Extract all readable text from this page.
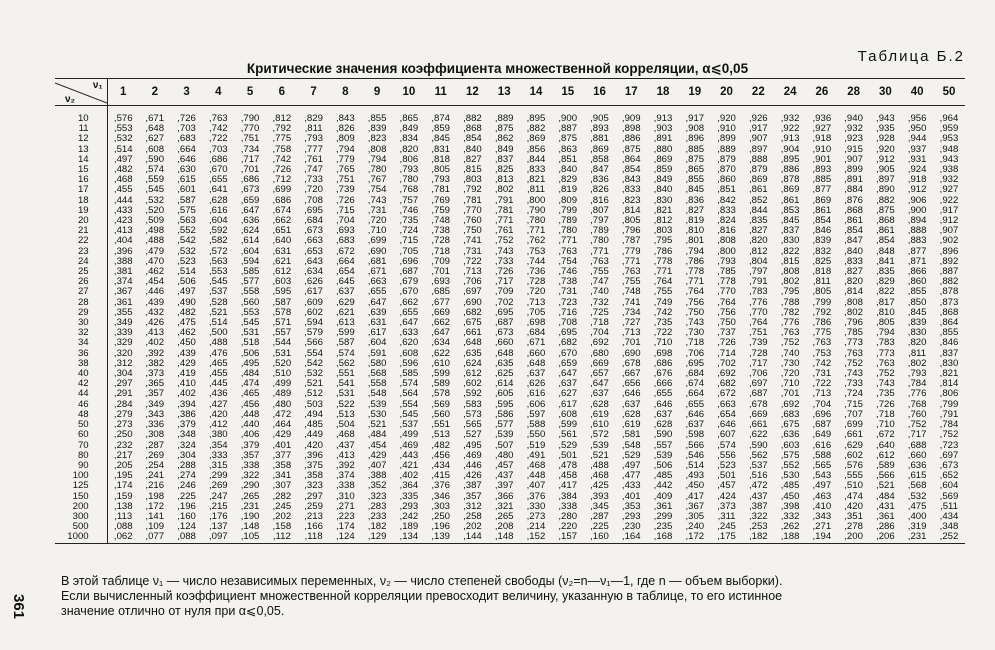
Таблица Б.2
Критические значения коэффициента множественной корреляции, α⩽0,05
ν₁
ν₂	1	2	3	4	5	6	7	8	9	10	11	12	13	14	15	16	17	18	19	20	22	24	26	28	30	40	50
10	,576	,671	,726	,763	,790	,812	,829	,843	,855	,865	,874	,882	,889	,895	,900	,905	,909	,913	,917	,920	,926	,932	,936	,940	,943	,956	,964
11	,553	,648	,703	,742	,770	,792	,811	,826	,839	,849	,859	,868	,875	,882	,887	,893	,898	,903	,908	,910	,917	,922	,927	,932	,935	,950	,959
12	,532	,627	,683	,722	,751	,775	,793	,809	,823	,834	,845	,854	,862	,869	,875	,881	,886	,891	,896	,899	,907	,913	,918	,923	,928	,944	,953
13	,514	,608	,664	,703	,734	,758	,777	,794	,808	,820	,831	,840	,849	,856	,863	,869	,875	,880	,885	,889	,897	,904	,910	,915	,920	,937	,948
14	,497	,590	,646	,686	,717	,742	,761	,779	,794	,806	,818	,827	,837	,844	,851	,858	,864	,869	,875	,879	,888	,895	,901	,907	,912	,931	,943
15	,482	,574	,630	,670	,701	,726	,747	,765	,780	,793	,805	,815	,825	,833	,840	,847	,854	,859	,865	,870	,879	,886	,893	,899	,905	,924	,938
16	,468	,559	,615	,655	,686	,712	,733	,751	,767	,780	,793	,803	,813	,821	,829	,836	,843	,849	,855	,860	,869	,878	,885	,891	,897	,918	,932
17	,455	,545	,601	,641	,673	,699	,720	,739	,754	,768	,781	,792	,802	,811	,819	,826	,833	,840	,845	,851	,861	,869	,877	,884	,890	,912	,927
18	,444	,532	,587	,628	,659	,686	,708	,726	,743	,757	,769	,781	,791	,800	,809	,816	,823	,830	,836	,842	,852	,861	,869	,876	,882	,906	,922
19	,433	,520	,575	,616	,647	,674	,695	,715	,731	,746	,759	,770	,781	,790	,799	,807	,814	,821	,827	,833	,844	,853	,861	,868	,875	,900	,917
20	,423	,509	,563	,604	,636	,662	,684	,704	,720	,735	,748	,760	,771	,780	,789	,797	,805	,812	,819	,824	,835	,845	,854	,861	,868	,894	,912
21	,413	,498	,552	,592	,624	,651	,673	,693	,710	,724	,738	,750	,761	,771	,780	,789	,796	,803	,810	,816	,827	,837	,846	,854	,861	,888	,907
22	,404	,488	,542	,582	,614	,640	,663	,683	,699	,715	,728	,741	,752	,762	,771	,780	,787	,795	,801	,808	,820	,830	,839	,847	,854	,883	,902
23	,396	,479	,532	,572	,604	,631	,653	,672	,690	,705	,718	,731	,743	,753	,763	,771	,779	,786	,794	,800	,812	,822	,832	,840	,848	,877	,896
24	,388	,470	,523	,563	,594	,621	,643	,664	,681	,696	,709	,722	,733	,744	,754	,763	,771	,778	,786	,793	,804	,815	,825	,833	,841	,871	,892
25	,381	,462	,514	,553	,585	,612	,634	,654	,671	,687	,701	,713	,726	,736	,746	,755	,763	,771	,778	,785	,797	,808	,818	,827	,835	,866	,887
26	,374	,454	,506	,545	,577	,603	,626	,645	,663	,679	,693	,706	,717	,728	,738	,747	,755	,764	,771	,778	,791	,802	,811	,820	,829	,860	,882
27	,367	,446	,497	,537	,558	,595	,617	,637	,655	,670	,685	,697	,709	,720	,731	,740	,748	,755	,764	,770	,783	,795	,805	,814	,822	,855	,878
28	,361	,439	,490	,528	,560	,587	,609	,629	,647	,662	,677	,690	,702	,713	,723	,732	,741	,749	,756	,764	,776	,788	,799	,808	,817	,850	,873
29	,355	,432	,482	,521	,553	,578	,602	,621	,639	,655	,669	,682	,695	,705	,716	,725	,734	,742	,750	,756	,770	,782	,792	,802	,810	,845	,868
30	,349	,426	,475	,514	,545	,571	,594	,613	,631	,647	,662	,675	,687	,698	,708	,718	,727	,735	,743	,750	,764	,776	,786	,796	,805	,839	,864
32	,339	,413	,462	,500	,531	,557	,579	,599	,617	,633	,647	,661	,673	,684	,695	,704	,713	,722	,730	,737	,751	,763	,775	,785	,794	,830	,855
34	,329	,402	,450	,488	,518	,544	,566	,587	,604	,620	,634	,648	,660	,671	,682	,692	,701	,710	,718	,726	,739	,752	,763	,773	,783	,820	,846
36	,320	,392	,439	,476	,506	,531	,554	,574	,591	,608	,622	,635	,648	,660	,670	,680	,690	,698	,706	,714	,728	,740	,753	,763	,773	,811	,837
38	,312	,382	,429	,465	,495	,520	,542	,562	,580	,596	,610	,624	,635	,648	,659	,669	,678	,686	,695	,702	,717	,730	,742	,752	,763	,802	,830
40	,304	,373	,419	,455	,484	,510	,532	,551	,568	,585	,599	,612	,625	,637	,647	,657	,667	,676	,684	,692	,706	,720	,731	,743	,752	,793	,821
42	,297	,365	,410	,445	,474	,499	,521	,541	,558	,574	,589	,602	,614	,626	,637	,647	,656	,666	,674	,682	,697	,710	,722	,733	,743	,784	,814
44	,291	,357	,402	,436	,465	,489	,512	,531	,548	,564	,578	,592	,605	,616	,627	,637	,646	,655	,664	,672	,687	,701	,713	,724	,735	,776	,806
46	,284	,349	,394	,427	,456	,480	,503	,522	,539	,554	,569	,583	,595	,606	,617	,628	,637	,646	,655	,663	,678	,692	,704	,715	,726	,768	,799
48	,279	,343	,386	,420	,448	,472	,494	,513	,530	,545	,560	,573	,586	,597	,608	,619	,628	,637	,646	,654	,669	,683	,696	,707	,718	,760	,791
50	,273	,336	,379	,412	,440	,464	,485	,504	,521	,537	,551	,565	,577	,588	,599	,610	,619	,628	,637	,646	,661	,675	,687	,699	,710	,752	,784
60	,250	,308	,348	,380	,406	,429	,449	,468	,484	,499	,513	,527	,539	,550	,561	,572	,581	,590	,598	,607	,622	,636	,649	,661	,672	,717	,752
70	,232	,287	,324	,354	,379	,401	,420	,437	,454	,469	,482	,495	,507	,519	,529	,539	,548	,557	,566	,574	,590	,603	,616	,629	,640	,688	,723
80	,217	,269	,304	,333	,357	,377	,396	,413	,429	,443	,456	,469	,480	,491	,501	,521	,529	,539	,546	,556	,562	,575	,588	,602	,612	,660	,697
90	,205	,254	,288	,315	,338	,358	,375	,392	,407	,421	,434	,446	,457	,468	,478	,488	,497	,506	,514	,523	,537	,552	,565	,576	,589	,636	,673
100	,195	,241	,274	,299	,322	,341	,358	,374	,388	,402	,415	,426	,437	,448	,458	,468	,477	,485	,493	,501	,516	,530	,543	,555	,566	,615	,652
125	,174	,216	,246	,269	,290	,307	,323	,338	,352	,364	,376	,387	,397	,407	,417	,425	,433	,442	,450	,457	,472	,485	,497	,510	,521	,568	,604
150	,159	,198	,225	,247	,265	,282	,297	,310	,323	,335	,346	,357	,366	,376	,384	,393	,401	,409	,417	,424	,437	,450	,463	,474	,484	,532	,569
200	,138	,172	,196	,215	,231	,245	,259	,271	,283	,293	,303	,312	,321	,330	,338	,345	,353	,361	,367	,373	,387	,398	,410	,420	,431	,475	,511
300	,113	,141	,160	,176	,190	,202	,213	,223	,233	,242	,250	,258	,265	,273	,280	,287	,293	,299	,305	,311	,322	,332	,343	,351	,361	,400	,434
500	,088	,109	,124	,137	,148	,158	,166	,174	,182	,189	,196	,202	,208	,214	,220	,225	,230	,235	,240	,245	,253	,262	,271	,278	,286	,319	,348
1000	,062	,077	,088	,097	,105	,112	,118	,124	,129	,134	,139	,144	,148	,152	,157	,160	,164	,168	,172	,175	,182	,188	,194	,200	,206	,231	,252

В этой таблице ν₁ — число независимых переменных, ν₂ — число степеней свободы (ν₂=n—ν₁—1, где n — объем выборки).

Если вычисленный коэффициент множественной корреляции превосходит величину, указанную в таблице, то его истинное

значение отлично от нуля при α⩽0,05.

361
